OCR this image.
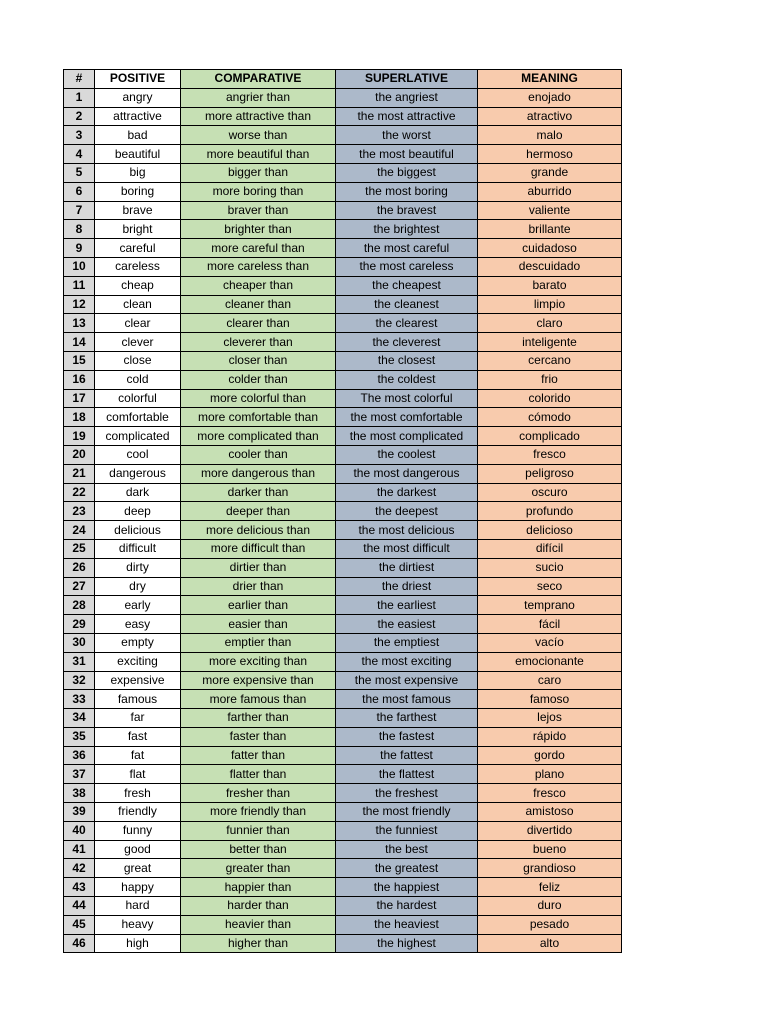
#	POSITIVE	COMPARATIVE	SUPERLATIVE	MEANING
1	angry	angrier than	the angriest	enojado
2	attractive	more attractive than	the most attractive	atractivo
3	bad	worse than	the worst	malo
4	beautiful	more beautiful than	the most beautiful	hermoso
5	big	bigger than	the biggest	grande
6	boring	more boring than	the most boring	aburrido
7	brave	braver than	the bravest	valiente
8	bright	brighter than	the brightest	brillante
9	careful	more careful than	the most careful	cuidadoso
10	careless	more careless than	the most careless	descuidado
11	cheap	cheaper than	the cheapest	barato
12	clean	cleaner than	the cleanest	limpio
13	clear	clearer than	the clearest	claro
14	clever	cleverer than	the cleverest	inteligente
15	close	closer than	the closest	cercano
16	cold	colder than	the coldest	frio
17	colorful	more colorful than	The most colorful	colorido
18	comfortable	more comfortable than	the most comfortable	cómodo
19	complicated	more complicated than	the most complicated	complicado
20	cool	cooler than	the coolest	fresco
21	dangerous	more dangerous than	the most dangerous	peligroso
22	dark	darker than	the darkest	oscuro
23	deep	deeper than	the deepest	profundo
24	delicious	more delicious than	the most delicious	delicioso
25	difficult	more difficult than	the most difficult	difícil
26	dirty	dirtier than	the dirtiest	sucio
27	dry	drier than	the driest	seco
28	early	earlier than	the earliest	temprano
29	easy	easier than	the easiest	fácil
30	empty	emptier than	the emptiest	vacío
31	exciting	more exciting than	the most exciting	emocionante
32	expensive	more expensive than	the most expensive	caro
33	famous	more famous than	the most famous	famoso
34	far	farther than	the farthest	lejos
35	fast	faster than	the fastest	rápido
36	fat	fatter than	the fattest	gordo
37	flat	flatter than	the flattest	plano
38	fresh	fresher than	the freshest	fresco
39	friendly	more friendly than	the most friendly	amistoso
40	funny	funnier than	the funniest	divertido
41	good	better than	the best	bueno
42	great	greater than	the greatest	grandioso
43	happy	happier than	the happiest	feliz
44	hard	harder than	the hardest	duro
45	heavy	heavier than	the heaviest	pesado
46	high	higher than	the highest	alto
